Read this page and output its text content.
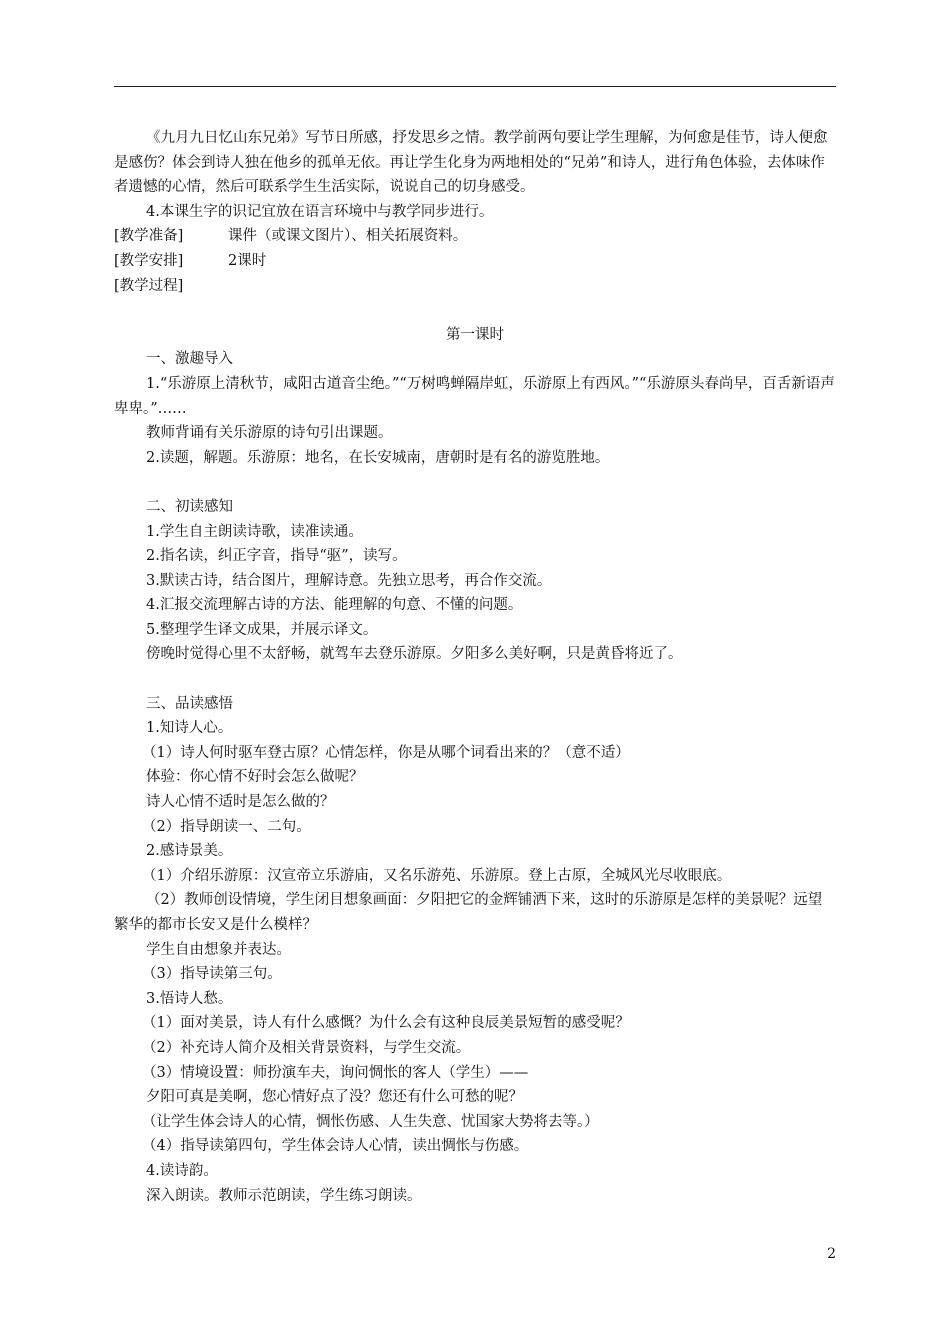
《九月九日忆山东兄弟》写节日所感，抒发思乡之情。教学前两句要让学生理解，为何愈是佳节，诗人便愈是感伤？体会到诗人独在他乡的孤单无依。再让学生化身为两地相处的“兄弟”和诗人，进行角色体验，去体味作者遗憾的心情，然后可联系学生生活实际，说说自己的切身感受。

4.本课生字的识记宜放在语言环境中与教学同步进行。

[教学准备]	课件（或课文图片）、相关拓展资料。

[教学安排]	2课时

[教学过程]

第一课时

一、激趣导入

1.“乐游原上清秋节，咸阳古道音尘绝。”“万树鸣蝉隔岸虹，乐游原上有西风。”“乐游原头春尚早，百舌新语声卑卑。”……

教师背诵有关乐游原的诗句引出课题。

2.读题，解题。乐游原：地名，在长安城南，唐朝时是有名的游览胜地。

二、初读感知

1.学生自主朗读诗歌，读准读通。

2.指名读，纠正字音，指导“驱”，读写。

3.默读古诗，结合图片，理解诗意。先独立思考，再合作交流。

4.汇报交流理解古诗的方法、能理解的句意、不懂的问题。

5.整理学生译文成果，并展示译文。

傍晚时觉得心里不太舒畅，就驾车去登乐游原。夕阳多么美好啊，只是黄昏将近了。

三、品读感悟

1.知诗人心。

（1）诗人何时驱车登古原？心情怎样，你是从哪个词看出来的？（意不适）

体验：你心情不好时会怎么做呢？

诗人心情不适时是怎么做的？

（2）指导朗读一、二句。

2.感诗景美。

（1）介绍乐游原：汉宣帝立乐游庙，又名乐游苑、乐游原。登上古原，全城风光尽收眼底。

（2）教师创设情境，学生闭目想象画面：夕阳把它的金辉铺洒下来，这时的乐游原是怎样的美景呢？远望繁华的都市长安又是什么模样？

学生自由想象并表达。

（3）指导读第三句。

3.悟诗人愁。

（1）面对美景，诗人有什么感慨？为什么会有这种良辰美景短暂的感受呢？

（2）补充诗人简介及相关背景资料，与学生交流。

（3）情境设置：师扮演车夫，询问惆怅的客人（学生）——

夕阳可真是美啊，您心情好点了没？您还有什么可愁的呢？

（让学生体会诗人的心情，惆怅伤感、人生失意、忧国家大势将去等。）

（4）指导读第四句，学生体会诗人心情，读出惆怅与伤感。

4.读诗韵。

深入朗读。教师示范朗读，学生练习朗读。

2
